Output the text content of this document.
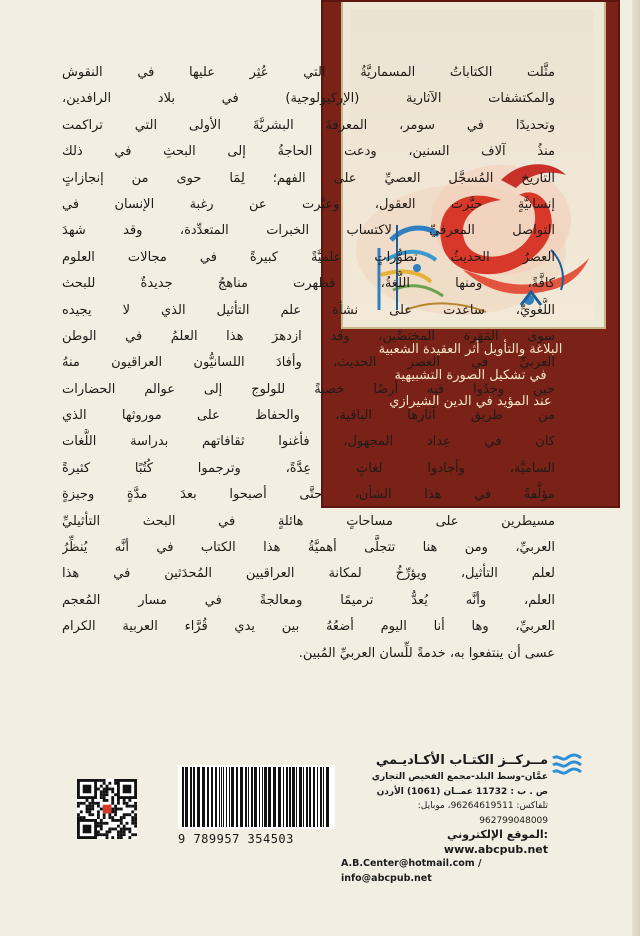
البلاغة والتأويل أثر العقيدة الشعبية
في تشكيل الصورة التشبيهية
عند المؤيد في الدين الشيرازي
مثَّلت الكتاباتُ المسماريَّةُ التي عُثِر عليها في النقوش
والمكتشفات الآثارية (الإركيولوجية) في بلاد الرافدين،
وتحديدًا في سومر، المعرفةَ البشريَّةَ الأولى التي تراكمت
منذُ آلاف السنين، ودعت الحاجةُ إلى البحثِ في ذلك
التاريخ المُسجَّل العصيِّ على الفهم؛ لِمَا حوى من إنجازاتٍ
إنسانيَّةٍ حيَّرت العقول، وعبَّرت عن رغبة الإنسان في
التواصل المعرفيِّ لاكتساب الخبرات المتعدِّدة، وقد شهدَ
العصرُ الحديثُ تطوُّراتٍ علميَّةً كبيرةً في مجالات العلوم
كافَّةً، ومنها اللُّغةُ، فظهرت مناهجُ جديدةٌ للبحث
اللُّغويِّ، ساعدت على نشأة علم التأثيل الذي لا يجيده
سوى المَهَرة المختصِّين، وقد ازدهرَ هذا العلمُ في الوطن
العربيِّ في العصر الحديث، وأفادَ اللسانيُّون العراقيون منهُ
حين وجدُوا فيه أرضًا خصبةً للولوج إلى عوالم الحضارات
من طريق آثارها الباقية، والحفاظ على موروثها الذي
كان في عِداد المجهول، فأغنوا ثقافاتهم بدراسة اللُّغات
الساميَّة، وأجادوا لغاتٍ عِدَّةً، وترجموا كُتُبًا كثيرةً
مؤلَّفةً في هذا الشأن، حتَّى أصبحوا بعدَ مدَّةٍ وجيزةٍ
مسيطرين على مساحاتٍ هائلةٍ في البحث التأثيليِّ
العربيِّ، ومن هنا تتجلَّى أهميَّةُ هذا الكتاب في أنَّه يُنظِّرُ
لعلم التأثيل، ويؤرِّخُ لمكانة العراقيين المُحدَثين في هذا
العلم، وأنَّه يُعدُّ ترميمًا ومعالجةً في مسار المُعجم
العربيِّ، وها أنا اليوم أضعُهُ بين يدي قُرَّاء العربية الكرام
عسى أن ينتفعوا به، خدمةً للِّسان العربيِّ المُبين.
مــركــز الكتـاب الأكـاديـمي
عمَّان-وسط البلد-مجمع الفحيص التجاري
ص . ب : 11732 عمــان (1061) الأردن
تلفاكس: 96264619511، موبايل: 962799048009
الموقع الإلكتروني: www.abcpub.net
A.B.Center@hotmail.com / info@abcpub.net
9 789957 354503
